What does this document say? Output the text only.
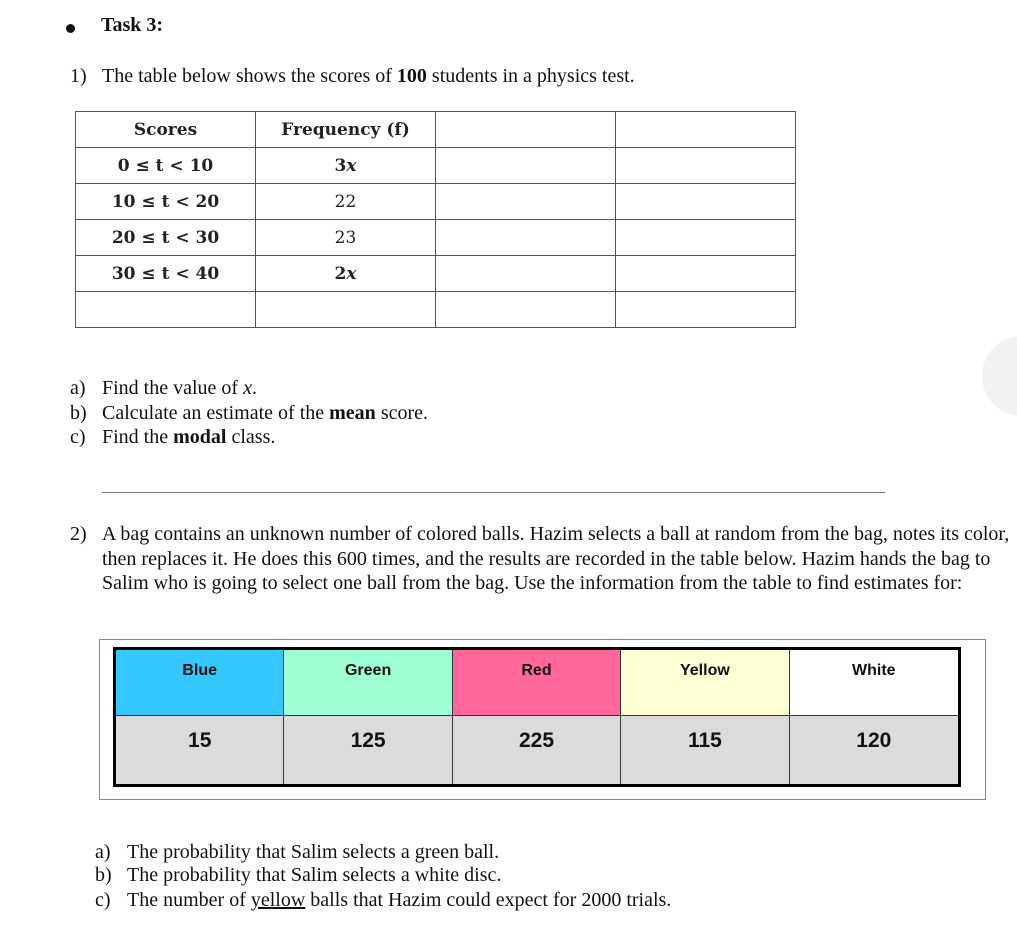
Task 3:
1) The table below shows the scores of 100 students in a physics test.
Scores	Frequency (f)		
0 ≤ t < 10	3x		
10 ≤ t < 20	22		
20 ≤ t < 30	23		
30 ≤ t < 40	2x		

a) Find the value of x.
b) Calculate an estimate of the mean score.
c) Find the modal class.
2) A bag contains an unknown number of colored balls. Hazim selects a ball at random from the bag, notes its color, then replaces it. He does this 600 times, and the results are recorded in the table below. Hazim hands the bag to Salim who is going to select one ball from the bag. Use the information from the table to find estimates for:
Blue	Green	Red	Yellow	White
15	125	225	115	120
a) The probability that Salim selects a green ball.
b) The probability that Salim selects a white disc.
c) The number of yellow balls that Hazim could expect for 2000 trials.
